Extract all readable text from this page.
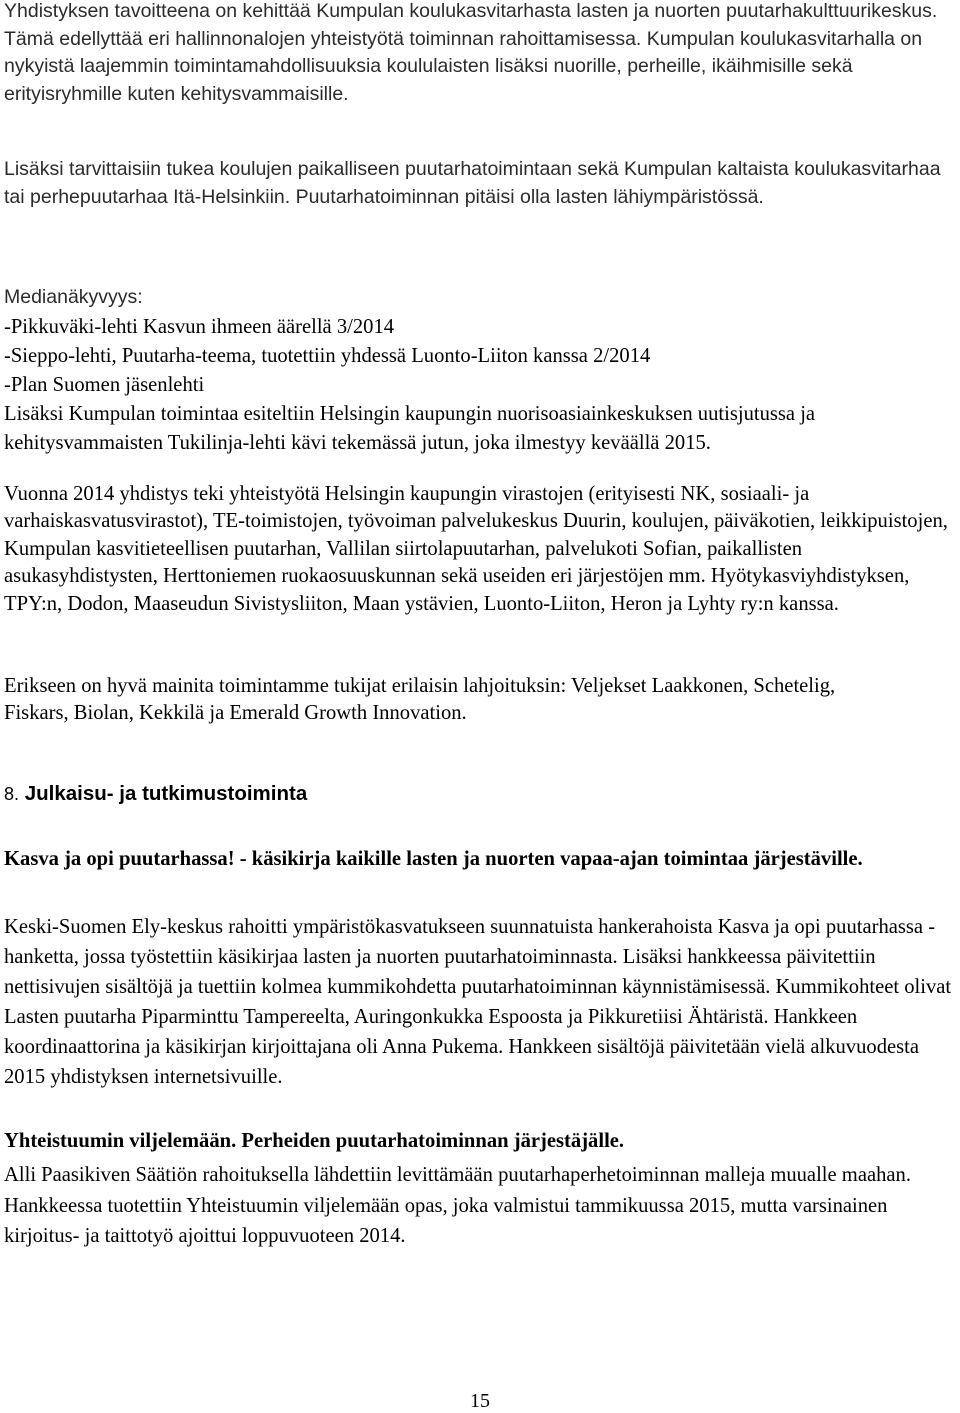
Yhdistyksen tavoitteena on kehittää Kumpulan koulukasvitarhasta lasten ja nuorten puutarhakulttuurikeskus. Tämä edellyttää eri hallinnonalojen yhteistyötä toiminnan rahoittamisessa. Kumpulan koulukasvitarhalla on nykyistä laajemmin toimintamahdollisuuksia koululaisten lisäksi nuorille, perheille, ikäihmisille sekä erityisryhmille kuten kehitysvammaisille.

Lisäksi tarvittaisiin tukea koulujen paikalliseen puutarhatoimintaan sekä Kumpulan kaltaista koulukasvitarhaa tai perhepuutarhaa Itä-Helsinkiin. Puutarhatoiminnan pitäisi olla lasten lähiympäristössä.

Medianäkyvyys:

-Pikkuväki-lehti Kasvun ihmeen äärellä 3/2014

-Sieppo-lehti, Puutarha-teema, tuotettiin yhdessä Luonto-Liiton kanssa 2/2014

-Plan Suomen jäsenlehti

Lisäksi Kumpulan toimintaa esiteltiin Helsingin kaupungin nuorisoasiainkeskuksen uutisjutussa ja kehitysvammaisten Tukilinja-lehti kävi tekemässä jutun, joka ilmestyy keväällä 2015.

Vuonna 2014 yhdistys teki yhteistyötä Helsingin kaupungin virastojen (erityisesti NK, sosiaali- ja varhaiskasvatusvirastot), TE-toimistojen, työvoiman palvelukeskus Duurin, koulujen, päiväkotien, leikkipuistojen, Kumpulan kasvitieteellisen puutarhan, Vallilan siirtolapuutarhan, palvelukoti Sofian, paikallisten asukasyhdistysten, Herttoniemen ruokaosuuskunnan sekä useiden eri järjestöjen mm. Hyötykasviyhdistyksen, TPY:n, Dodon, Maaseudun Sivistysliiton, Maan ystävien, Luonto-Liiton, Heron ja Lyhty ry:n kanssa.

Erikseen on hyvä mainita toimintamme tukijat erilaisin lahjoituksin: Veljekset Laakkonen, Schetelig, Fiskars, Biolan, Kekkilä ja Emerald Growth Innovation.

8. Julkaisu- ja tutkimustoiminta

Kasva ja opi puutarhassa! - käsikirja kaikille lasten ja nuorten vapaa-ajan toimintaa järjestäville.

Keski-Suomen Ely-keskus rahoitti ympäristökasvatukseen suunnatuista hankerahoista Kasva ja opi puutarhassa -hanketta, jossa työstettiin käsikirjaa lasten ja nuorten puutarhatoiminnasta. Lisäksi hankkeessa päivitettiin nettisivujen sisältöjä ja tuettiin kolmea kummikohdetta puutarhatoiminnan käynnistämisessä. Kummikohteet olivat Lasten puutarha Piparminttu Tampereelta, Auringonkukka Espoosta ja Pikkuretiisi Ähtäristä. Hankkeen koordinaattorina ja käsikirjan kirjoittajana oli Anna Pukema. Hankkeen sisältöjä päivitetään vielä alkuvuodesta 2015 yhdistyksen internetsivuille.

Yhteistuumin viljelemään. Perheiden puutarhatoiminnan järjestäjälle.

Alli Paasikiven Säätiön rahoituksella lähdettiin levittämään puutarhaperhetoiminnan malleja muualle maahan. Hankkeessa tuotettiin Yhteistuumin viljelemään opas, joka valmistui tammikuussa 2015, mutta varsinainen kirjoitus- ja taittotyö ajoittui loppuvuoteen 2014.

15
